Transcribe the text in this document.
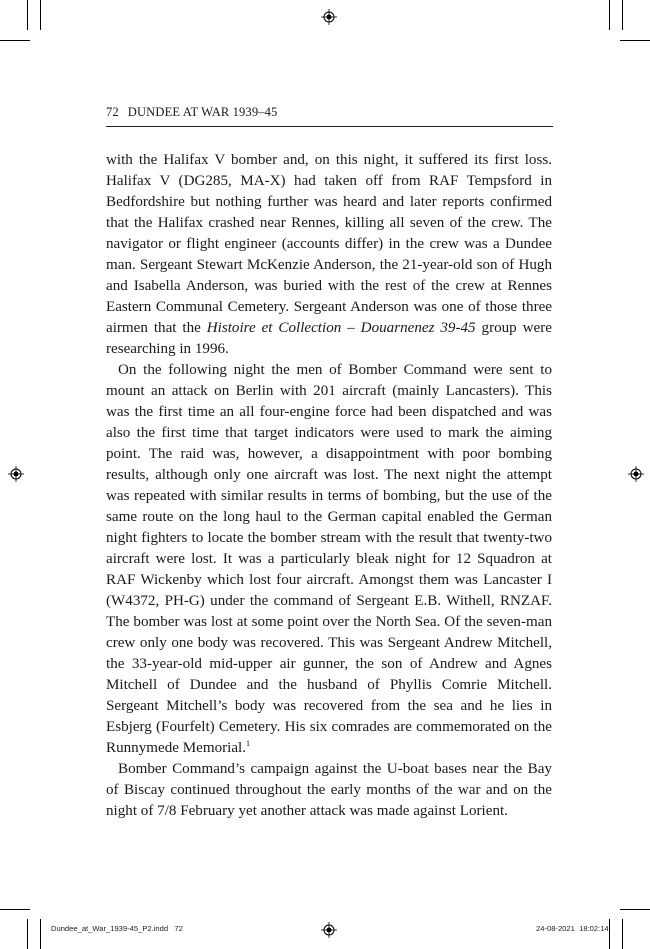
72 DUNDEE AT WAR 1939–45

with the Halifax V bomber and, on this night, it suffered its first loss. Halifax V (DG285, MA-X) had taken off from RAF Tempsford in Bedfordshire but nothing further was heard and later reports confirmed that the Halifax crashed near Rennes, killing all seven of the crew. The navigator or flight engineer (accounts differ) in the crew was a Dundee man. Sergeant Stewart McKenzie Anderson, the 21-year-old son of Hugh and Isabella Anderson, was buried with the rest of the crew at Rennes Eastern Communal Cemetery. Sergeant Anderson was one of those three airmen that the Histoire et Collection – Douarnenez 39-45 group were researching in 1996.

On the following night the men of Bomber Command were sent to mount an attack on Berlin with 201 aircraft (mainly Lancasters). This was the first time an all four-engine force had been dispatched and was also the first time that target indicators were used to mark the aiming point. The raid was, however, a disappointment with poor bombing results, although only one aircraft was lost. The next night the attempt was repeated with similar results in terms of bombing, but the use of the same route on the long haul to the German capital enabled the German night fighters to locate the bomber stream with the result that twenty-two aircraft were lost. It was a particularly bleak night for 12 Squadron at RAF Wickenby which lost four aircraft. Amongst them was Lancaster I (W4372, PH-G) under the command of Sergeant E.B. Withell, RNZAF. The bomber was lost at some point over the North Sea. Of the seven-man crew only one body was recovered. This was Sergeant Andrew Mitchell, the 33-year-old mid-upper air gunner, the son of Andrew and Agnes Mitchell of Dundee and the husband of Phyllis Comrie Mitchell. Sergeant Mitchell’s body was recovered from the sea and he lies in Esbjerg (Fourfelt) Cemetery. His six comrades are commemorated on the Runnymede Memorial.$^1$

Bomber Command’s campaign against the U-boat bases near the Bay of Biscay continued throughout the early months of the war and on the night of 7/8 February yet another attack was made against Lorient.

Dundee_at_War_1939-45_P2.indd   72	24-08-2021 18:02:14
